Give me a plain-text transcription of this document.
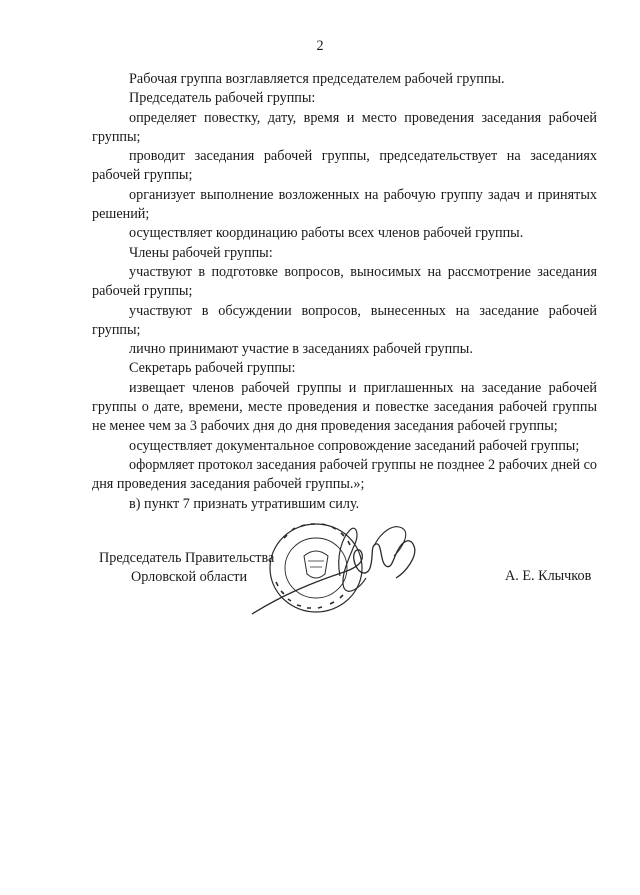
2

Рабочая группа возглавляется председателем рабочей группы.

Председатель рабочей группы:

определяет повестку, дату, время и место проведения заседания рабочей группы;

проводит заседания рабочей группы, председательствует на заседаниях рабочей группы;

организует выполнение возложенных на рабочую группу задач и принятых решений;

осуществляет координацию работы всех членов рабочей группы.

Члены рабочей группы:

участвуют в подготовке вопросов, выносимых на рассмотрение заседания рабочей группы;

участвуют в обсуждении вопросов, вынесенных на заседание рабочей группы;

лично принимают участие в заседаниях рабочей группы.

Секретарь рабочей группы:

извещает членов рабочей группы и приглашенных на заседание рабочей группы о дате, времени, месте проведения и повестке заседания рабочей группы не менее чем за 3 рабочих дня до дня проведения заседания рабочей группы;

осуществляет документальное сопровождение заседаний рабочей группы;

оформляет протокол заседания рабочей группы не позднее 2 рабочих дней со дня проведения заседания рабочей группы.»;

в) пункт 7 признать утратившим силу.

Председатель Правительства
Орловской области	А. Е. Клычков
